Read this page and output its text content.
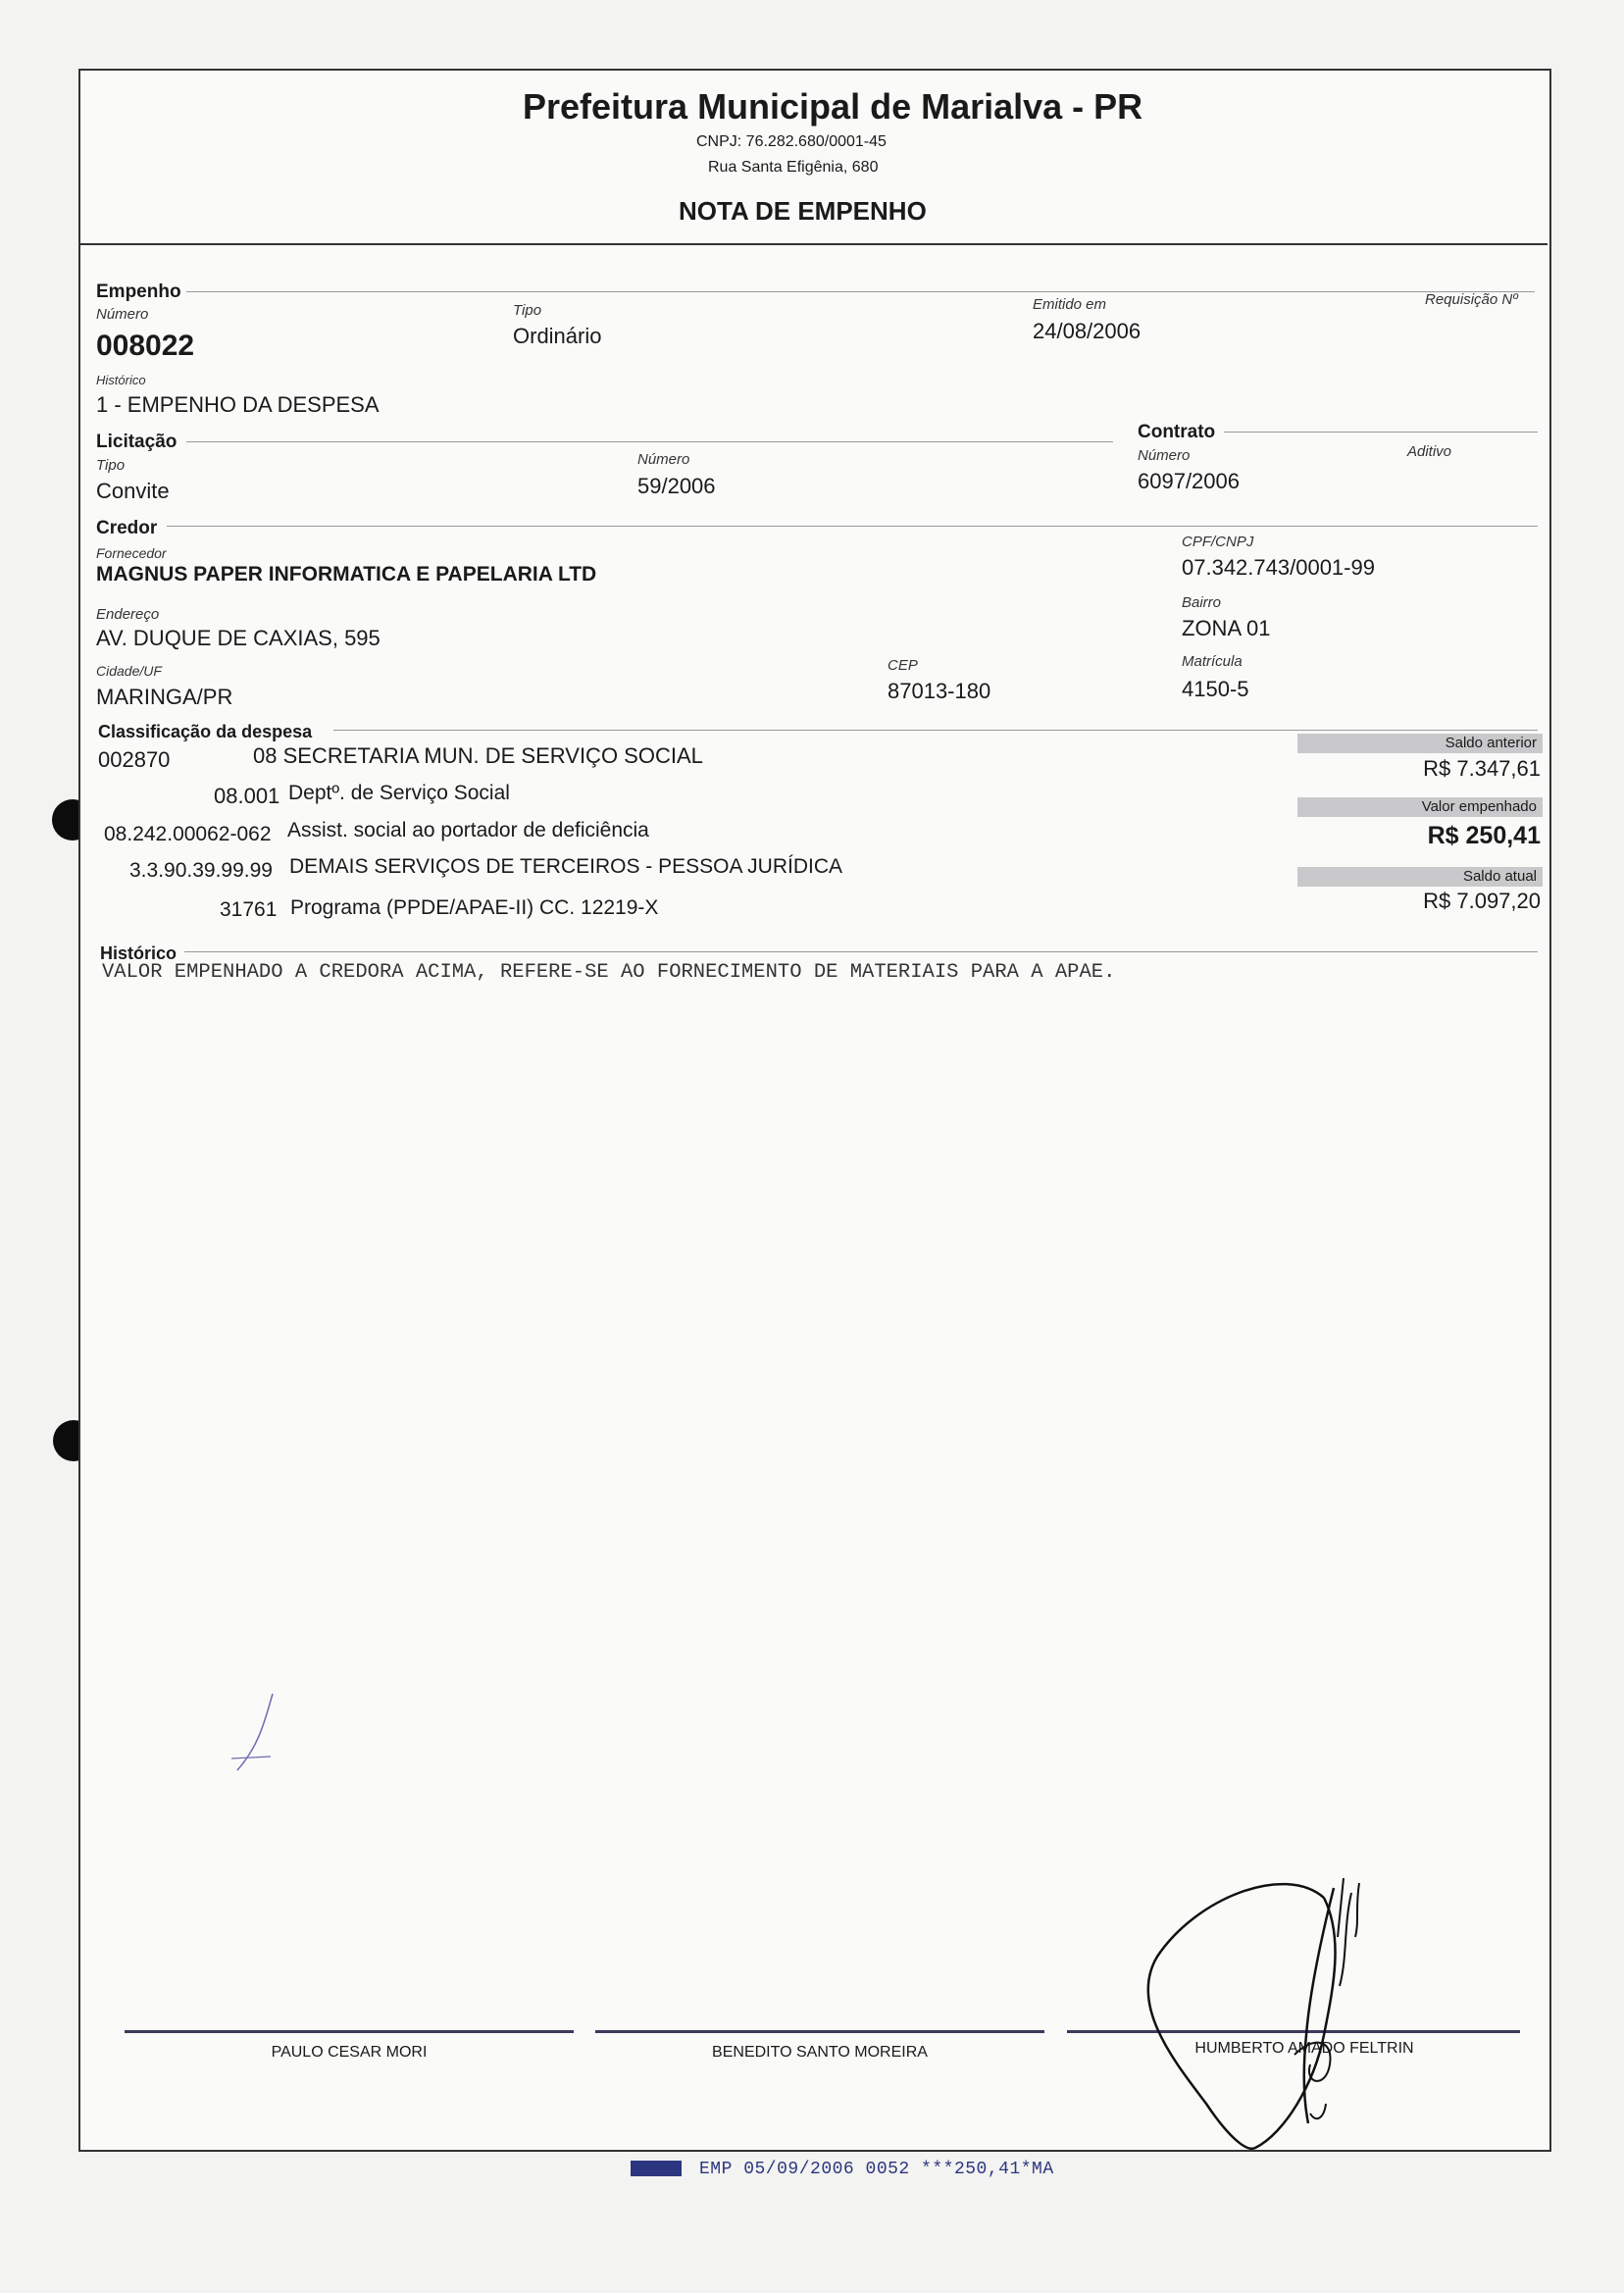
Prefeitura Municipal de Marialva - PR
CNPJ: 76.282.680/0001-45
Rua Santa Efigênia, 680
NOTA DE EMPENHO
Empenho
Número
008022
Tipo
Ordinário
Emitido em
24/08/2006
Requisição Nº
Histórico
1 - EMPENHO DA DESPESA
Licitação
Tipo
Convite
Número
59/2006
Contrato
Número
6097/2006
Aditivo
Credor
Fornecedor
MAGNUS PAPER INFORMATICA E PAPELARIA LTD
CPF/CNPJ
07.342.743/0001-99
Endereço
AV. DUQUE DE CAXIAS, 595
Bairro
ZONA 01
Cidade/UF
MARINGA/PR
CEP
87013-180
Matrícula
4150-5
Classificação da despesa
002870	08 SECRETARIA MUN. DE SERVIÇO SOCIAL
08.001 Deptº. de Serviço Social
08.242.00062-062 Assist. social ao portador de deficiência
3.3.90.39.99.99 DEMAIS SERVIÇOS DE TERCEIROS - PESSOA JURÍDICA
31761 Programa (PPDE/APAE-II) CC. 12219-X
Saldo anterior
R$ 7.347,61
Valor empenhado
R$ 250,41
Saldo atual
R$ 7.097,20
Histórico
VALOR EMPENHADO A CREDORA ACIMA, REFERE-SE AO FORNECIMENTO DE MATERIAIS PARA A APAE.
PAULO CESAR MORI	BENEDITO SANTO MOREIRA	HUMBERTO AMADO FELTRIN
EMP 05/09/2006 0052 ***250,41*MA
